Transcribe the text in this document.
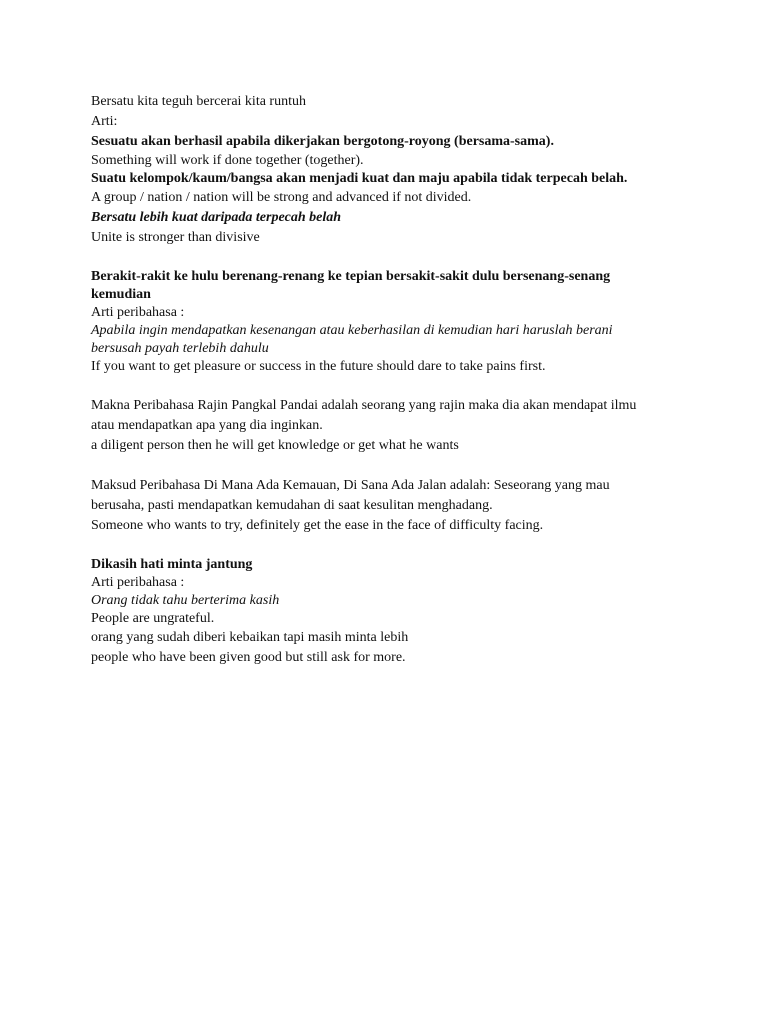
Bersatu kita teguh bercerai kita runtuh
Arti:
Sesuatu akan berhasil apabila dikerjakan bergotong-royong (bersama-sama).
Something will work if done together (together).
Suatu kelompok/kaum/bangsa akan menjadi kuat dan maju apabila tidak terpecah belah.
A group / nation / nation will be strong and advanced if not divided.
Bersatu lebih kuat daripada terpecah belah
Unite is stronger than divisive
Berakit-rakit ke hulu berenang-renang ke tepian bersakit-sakit dulu bersenang-senang
kemudian
Arti peribahasa :
Apabila ingin mendapatkan kesenangan atau keberhasilan di kemudian hari haruslah berani
bersusah payah terlebih dahulu
If you want to get pleasure or success in the future should dare to take pains first.
Makna Peribahasa Rajin Pangkal Pandai adalah seorang yang rajin maka dia akan mendapat ilmu
atau mendapatkan apa yang dia inginkan.
a diligent person then he will get knowledge or get what he wants
Maksud Peribahasa Di Mana Ada Kemauan, Di Sana Ada Jalan adalah: Seseorang yang mau
berusaha, pasti mendapatkan kemudahan di saat kesulitan menghadang.
Someone who wants to try, definitely get the ease in the face of difficulty facing.
Dikasih hati minta jantung
Arti peribahasa :
Orang tidak tahu berterima kasih
People are ungrateful.
orang yang sudah diberi kebaikan tapi masih minta lebih
people who have been given good but still ask for more.
